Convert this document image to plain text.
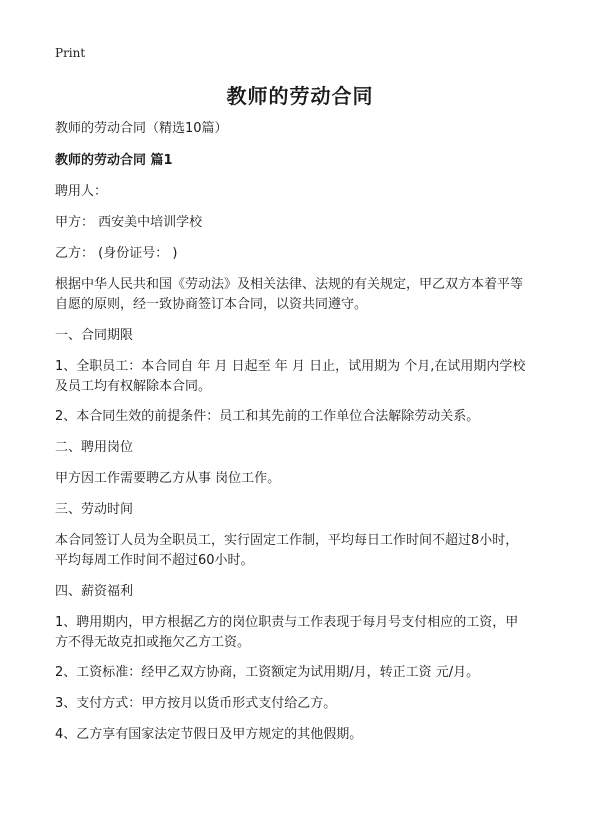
Print
教师的劳动合同
教师的劳动合同（精选10篇）
教师的劳动合同 篇1
聘用人：
甲方： 西安美中培训学校
乙方： (身份证号： )
根据中华人民共和国《劳动法》及相关法律、法规的有关规定，甲乙双方本着平等
自愿的原则，经一致协商签订本合同，以资共同遵守。
一、合同期限
1、全职员工：本合同自 年 月 日起至 年 月 日止，试用期为 个月,在试用期内学校
及员工均有权解除本合同。
2、本合同生效的前提条件：员工和其先前的工作单位合法解除劳动关系。
二、聘用岗位
甲方因工作需要聘乙方从事 岗位工作。
三、劳动时间
本合同签订人员为全职员工，实行固定工作制，平均每日工作时间不超过8小时，
平均每周工作时间不超过60小时。
四、薪资福利
1、聘用期内，甲方根据乙方的岗位职责与工作表现于每月号支付相应的工资，甲
方不得无故克扣或拖欠乙方工资。
2、工资标准：经甲乙双方协商，工资额定为试用期/月，转正工资 元/月。
3、支付方式：甲方按月以货币形式支付给乙方。
4、乙方享有国家法定节假日及甲方规定的其他假期。
